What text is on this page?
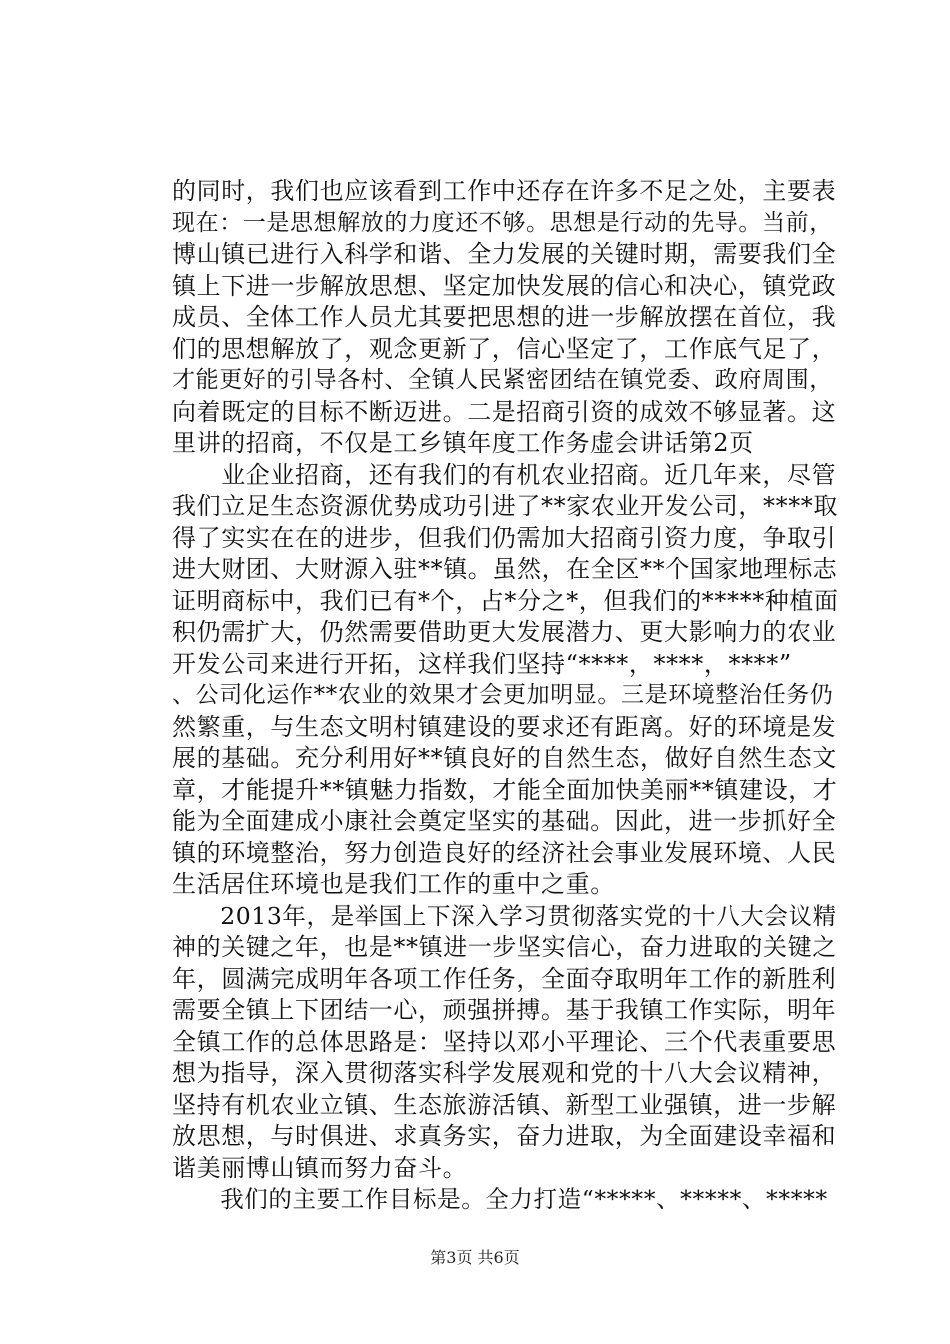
的同时，我们也应该看到工作中还存在许多不足之处，主要表
现在：一是思想解放的力度还不够。思想是行动的先导。当前，
博山镇已进行入科学和谐、全力发展的关键时期，需要我们全
镇上下进一步解放思想、坚定加快发展的信心和决心，镇党政
成员、全体工作人员尤其要把思想的进一步解放摆在首位，我
们的思想解放了，观念更新了，信心坚定了，工作底气足了，
才能更好的引导各村、全镇人民紧密团结在镇党委、政府周围，
向着既定的目标不断迈进。二是招商引资的成效不够显著。这
里讲的招商，不仅是工乡镇年度工作务虚会讲话第2页
　　业企业招商，还有我们的有机农业招商。近几年来，尽管
我们立足生态资源优势成功引进了**家农业开发公司，****取
得了实实在在的进步，但我们仍需加大招商引资力度，争取引
进大财团、大财源入驻**镇。虽然，在全区**个国家地理标志
证明商标中，我们已有*个，占*分之*，但我们的*****种植面
积仍需扩大，仍然需要借助更大发展潜力、更大影响力的农业
开发公司来进行开拓，这样我们坚持“****，****，****”
、公司化运作**农业的效果才会更加明显。三是环境整治任务仍
然繁重，与生态文明村镇建设的要求还有距离。好的环境是发
展的基础。充分利用好**镇良好的自然生态，做好自然生态文
章，才能提升**镇魅力指数，才能全面加快美丽**镇建设，才
能为全面建成小康社会奠定坚实的基础。因此，进一步抓好全
镇的环境整治，努力创造良好的经济社会事业发展环境、人民
生活居住环境也是我们工作的重中之重。
　　2013年，是举国上下深入学习贯彻落实党的十八大会议精
神的关键之年，也是**镇进一步坚实信心，奋力进取的关键之
年，圆满完成明年各项工作任务，全面夺取明年工作的新胜利
需要全镇上下团结一心，顽强拼搏。基于我镇工作实际，明年
全镇工作的总体思路是：坚持以邓小平理论、三个代表重要思
想为指导，深入贯彻落实科学发展观和党的十八大会议精神，
坚持有机农业立镇、生态旅游活镇、新型工业强镇，进一步解
放思想，与时俱进、求真务实，奋力进取，为全面建设幸福和
谐美丽博山镇而努力奋斗。
　　我们的主要工作目标是。全力打造“*****、*****、*****
第3页 共6页
